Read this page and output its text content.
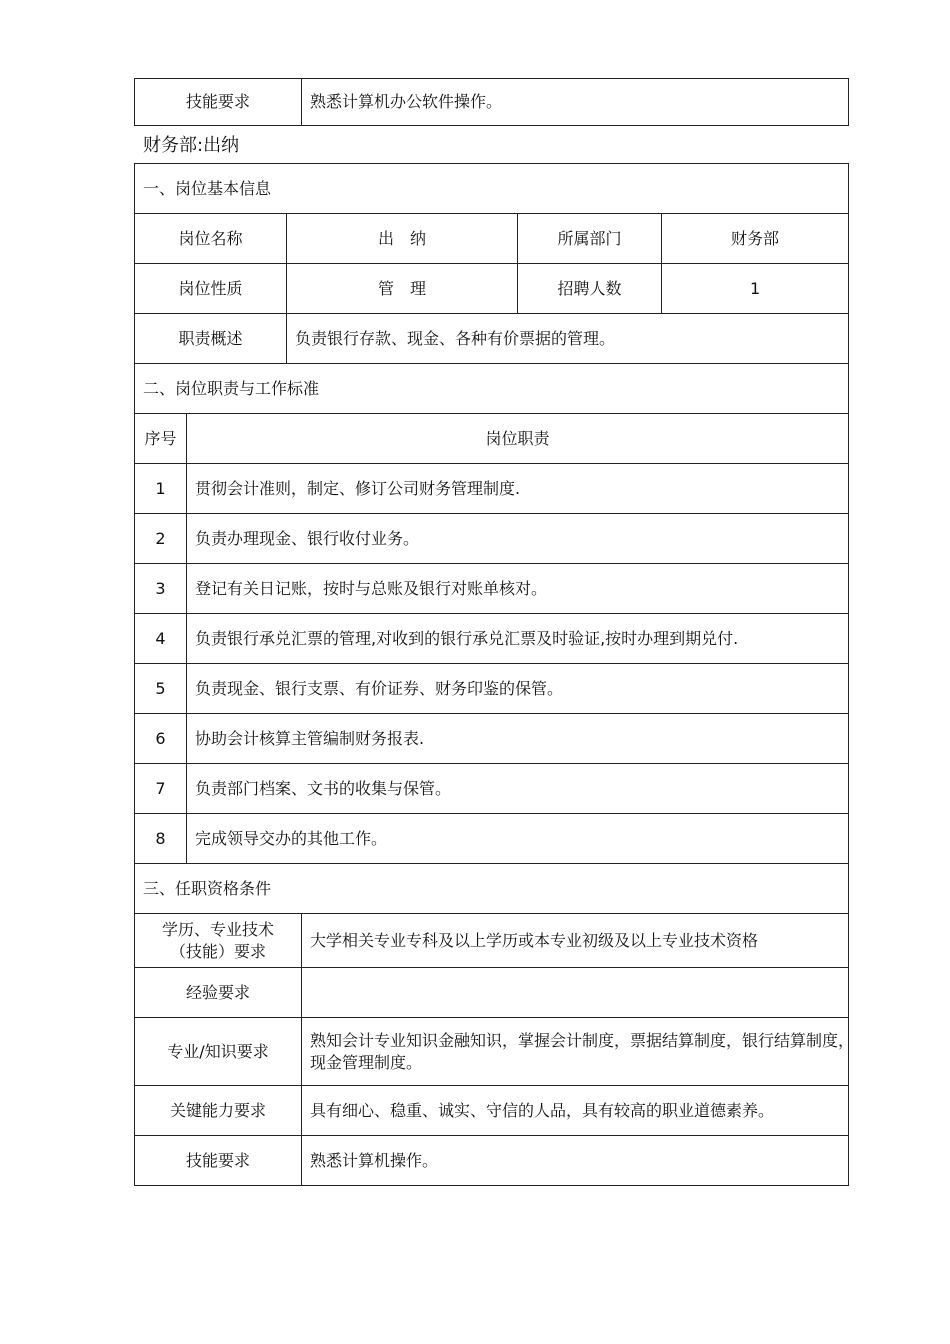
技能要求	熟悉计算机办公软件操作。
财务部:出纳
一、岗位基本信息					
岗位名称		出　纳		所属部门	财务部
岗位性质		管　理		招聘人数	1
职责概述		负责银行存款、现金、各种有价票据的管理。			
二、岗位职责与工作标准					
序号	岗位职责				
1	贯彻会计准则，制定、修订公司财务管理制度.				
2	负责办理现金、银行收付业务。				
3	登记有关日记账，按时与总账及银行对账单核对。				
4	负责银行承兑汇票的管理,对收到的银行承兑汇票及时验证,按时办理到期兑付.				
5	负责现金、银行支票、有价证券、财务印鉴的保管。				
6	协助会计核算主管编制财务报表.				
7	负责部门档案、文书的收集与保管。				
8	完成领导交办的其他工作。				
三、任职资格条件					

学历、专业技术
（技能）要求			大学相关专业专科及以上学历或本专业初级及以上专业技术资格		
经验要求					
专业/知识要求			熟知会计专业知识金融知识，掌握会计制度，票据结算制度，银行结算制度，
现金管理制度。		

关键能力要求			具有细心、稳重、诚实、守信的人品，具有较高的职业道德素养。		
技能要求			熟悉计算机操作。		
